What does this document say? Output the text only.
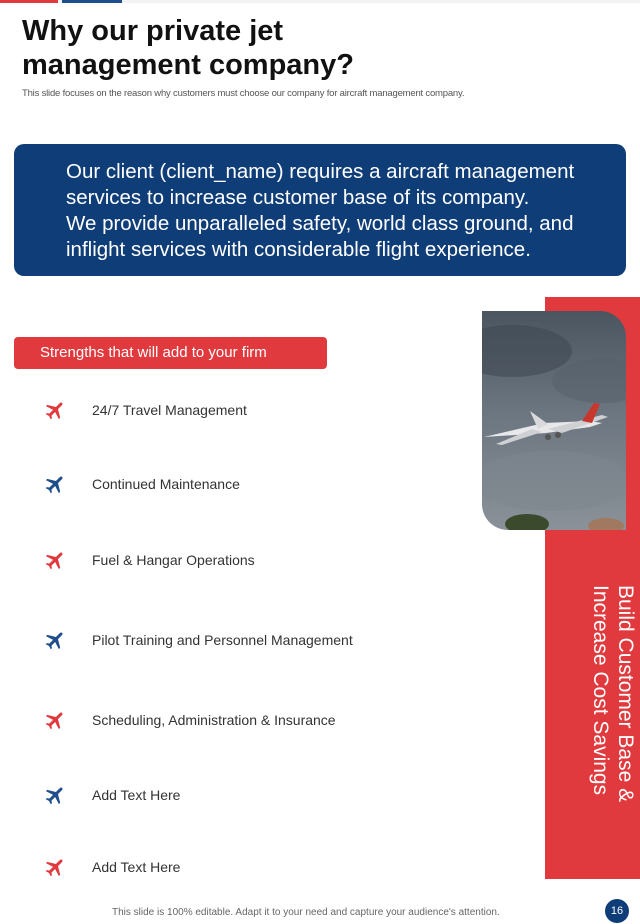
Why our private jet management company?
This slide focuses on the reason why customers must choose our company for aircraft management company.

Our client (client_name) requires a aircraft management services to increase customer base of its company.

We provide unparalleled safety, world class ground, and inflight services with considerable flight experience.

Build Customer Base & Increase Cost Savings
Strengths that will add to your firm
24/7 Travel Management
Continued Maintenance
Fuel & Hangar Operations
Pilot Training and Personnel Management
Scheduling, Administration & Insurance
Add Text Here
Add Text Here
This slide is 100% editable. Adapt it to your need and capture your audience's attention.	16
